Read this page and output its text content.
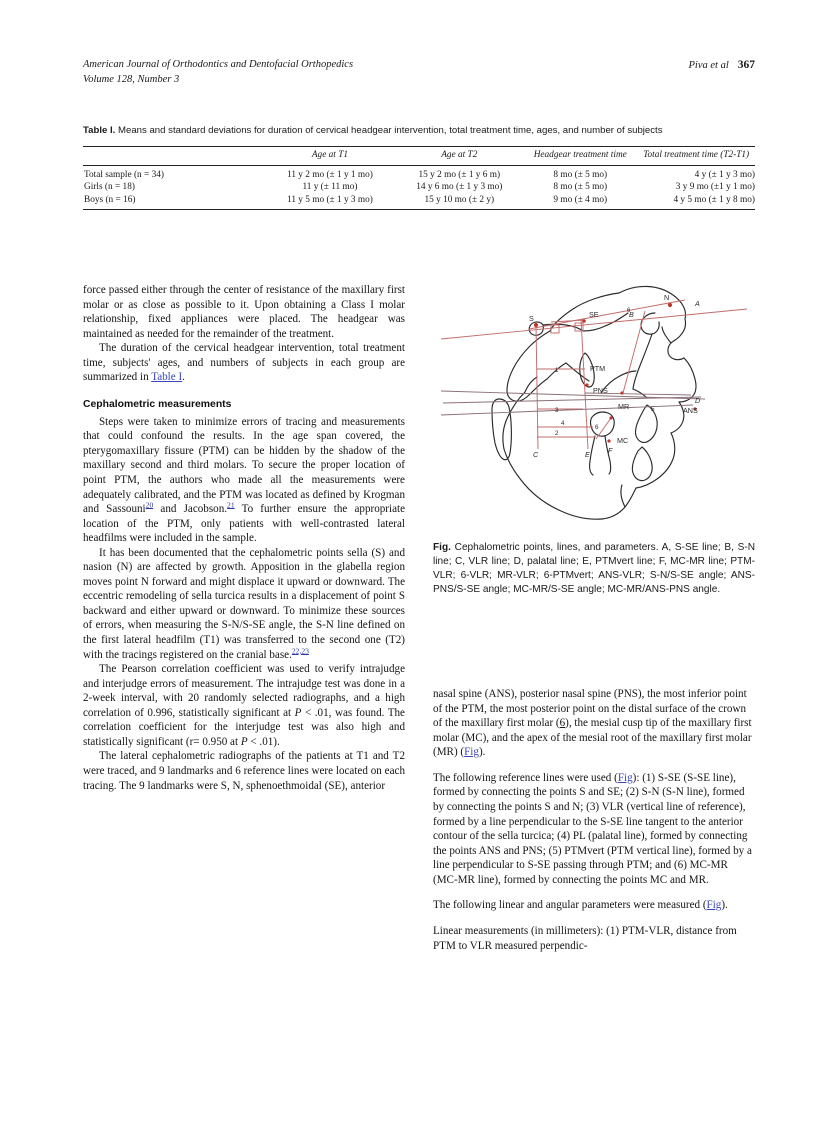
American Journal of Orthodontics and Dentofacial Orthopedics
Volume 128, Number 3
Piva et al 367
Table I. Means and standard deviations for duration of cervical headgear intervention, total treatment time, ages, and number of subjects
	Age at T1	Age at T2	Headgear treatment time	Total treatment time (T2-T1)
Total sample (n = 34)	11 y 2 mo (± 1 y 1 mo)	15 y 2 mo (± 1 y 6 m)	8 mo (± 5 mo)	4 y (± 1 y 3 mo)
Girls (n = 18)	11 y (± 11 mo)	14 y 6 mo (± 1 y 3 mo)	8 mo (± 5 mo)	3 y 9 mo (±1 y 1 mo)
Boys (n = 16)	11 y 5 mo (± 1 y 3 mo)	15 y 10 mo (± 2 y)	9 mo (± 4 mo)	4 y 5 mo (± 1 y 8 mo)

force passed either through the center of resistance of the maxillary first molar or as close as possible to it. Upon obtaining a Class I molar relationship, fixed appliances were placed. The headgear was maintained as needed for the remainder of the treatment.

The duration of the cervical headgear intervention, total treatment time, subjects' ages, and numbers of subjects in each group are summarized in Table I.

Cephalometric measurements

Steps were taken to minimize errors of tracing and measurements that could confound the results. In the age span covered, the pterygomaxillary fissure (PTM) can be hidden by the shadow of the maxillary second and third molars. To secure the proper location of point PTM, the authors who made all the measurements were adequately calibrated, and the PTM was located as defined by Krogman and Sassouni$^{20}$ and Jacobson.$^{21}$ To further ensure the appropriate location of the PTM, only patients with well-contrasted lateral headfilms were included in the sample.

It has been documented that the cephalometric points sella (S) and nasion (N) are affected by growth. Apposition in the glabella region moves point N forward and might displace it upward or downward. The eccentric remodeling of sella turcica results in a displacement of point S backward and either upward or downward. To minimize these sources of errors, when measuring the S-N/S-SE angle, the S-N line defined on the first lateral headfilm (T1) was transferred to the second one (T2) with the tracings registered on the cranial base.$^{22,23}$

The Pearson correlation coefficient was used to verify intrajudge and interjudge errors of measurement. The intrajudge test was done in a 2-week interval, with 20 randomly selected radiographs, and a high correlation of 0.996, statistically significant at P < .01, was found. The correlation coefficient for the interjudge test was also high and statistically significant (r= 0.950 at P < .01).

The lateral cephalometric radiographs of the patients at T1 and T2 were traced, and 9 landmarks and 6 reference lines were located on each tracing. The 9 landmarks were S, N, sphenoethmoidal (SE), anterior

S	SE
N
PTM
PNS
ANS
MR
MC
B
A
C	E	F
D
1
2
3
4
5
6
6
Fig. Cephalometric points, lines, and parameters. A, S-SE line; B, S-N line; C, VLR line; D, palatal line; E, PTMvert line; F, MC-MR line; PTM-VLR; 6-VLR; MR-VLR; 6-PTMvert; ANS-VLR; S-N/S-SE angle; ANS-PNS/S-SE angle; MC-MR/S-SE angle; MC-MR/ANS-PNS angle.

nasal spine (ANS), posterior nasal spine (PNS), the most inferior point of the PTM, the most posterior point on the distal surface of the crown of the maxillary first molar (6), the mesial cusp tip of the maxillary first molar (MC), and the apex of the mesial root of the maxillary first molar (MR) (Fig).

The following reference lines were used (Fig): (1) S-SE (S-SE line), formed by connecting the points S and SE; (2) S-N (S-N line), formed by connecting the points S and N; (3) VLR (vertical line of reference), formed by a line perpendicular to the S-SE line tangent to the anterior contour of the sella turcica; (4) PL (palatal line), formed by connecting the points ANS and PNS; (5) PTMvert (PTM vertical line), formed by a line perpendicular to S-SE passing through PTM; and (6) MC-MR (MC-MR line), formed by connecting the points MC and MR.

The following linear and angular parameters were measured (Fig).

Linear measurements (in millimeters): (1) PTM-VLR, distance from PTM to VLR measured perpendic-
